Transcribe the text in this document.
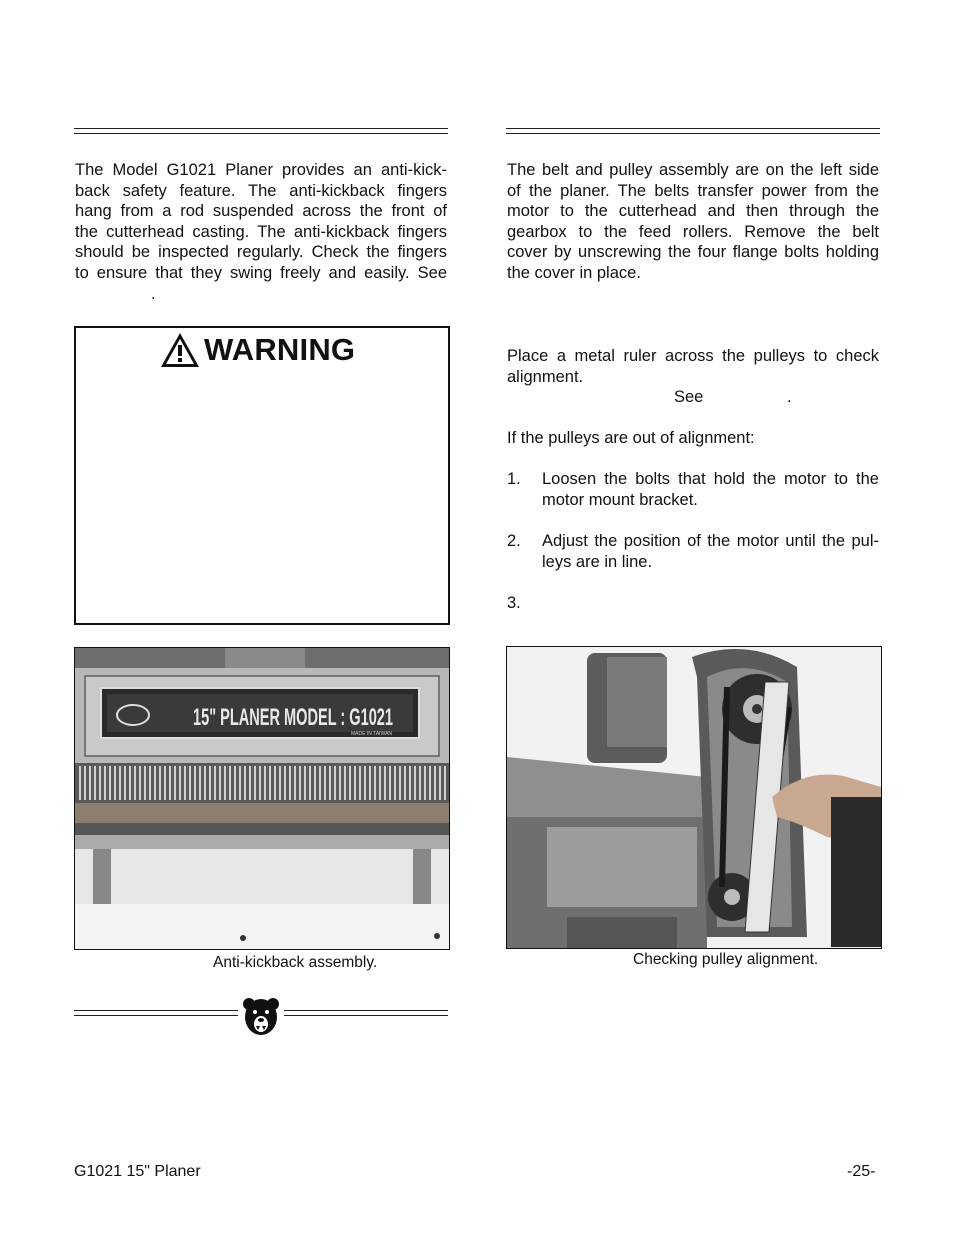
The Model G1021 Planer provides an anti-kick-
back safety feature. The anti-kickback fingers
hang from a rod suspended across the front of
the cutterhead casting. The anti-kickback fingers
should be inspected regularly. Check the fingers
to ensure that they swing freely and easily. See
.
WARNING
15" PLANER MODEL : G1021
MADE IN TAIWAN
Anti-kickback assembly.
The belt and pulley assembly are on the left side
of the planer. The belts transfer power from the
motor to the cutterhead and then through the
gearbox to the feed rollers. Remove the belt
cover by unscrewing the four flange bolts holding
the cover in place.
Place a metal ruler across the pulleys to check
alignment.
See	.
If the pulleys are out of alignment:
1. Loosen the bolts that hold the motor to the
motor mount bracket.
2. Adjust the position of the motor until the pul-
leys are in line.
3.
Checking pulley alignment.
G1021 15" Planer	-25-
